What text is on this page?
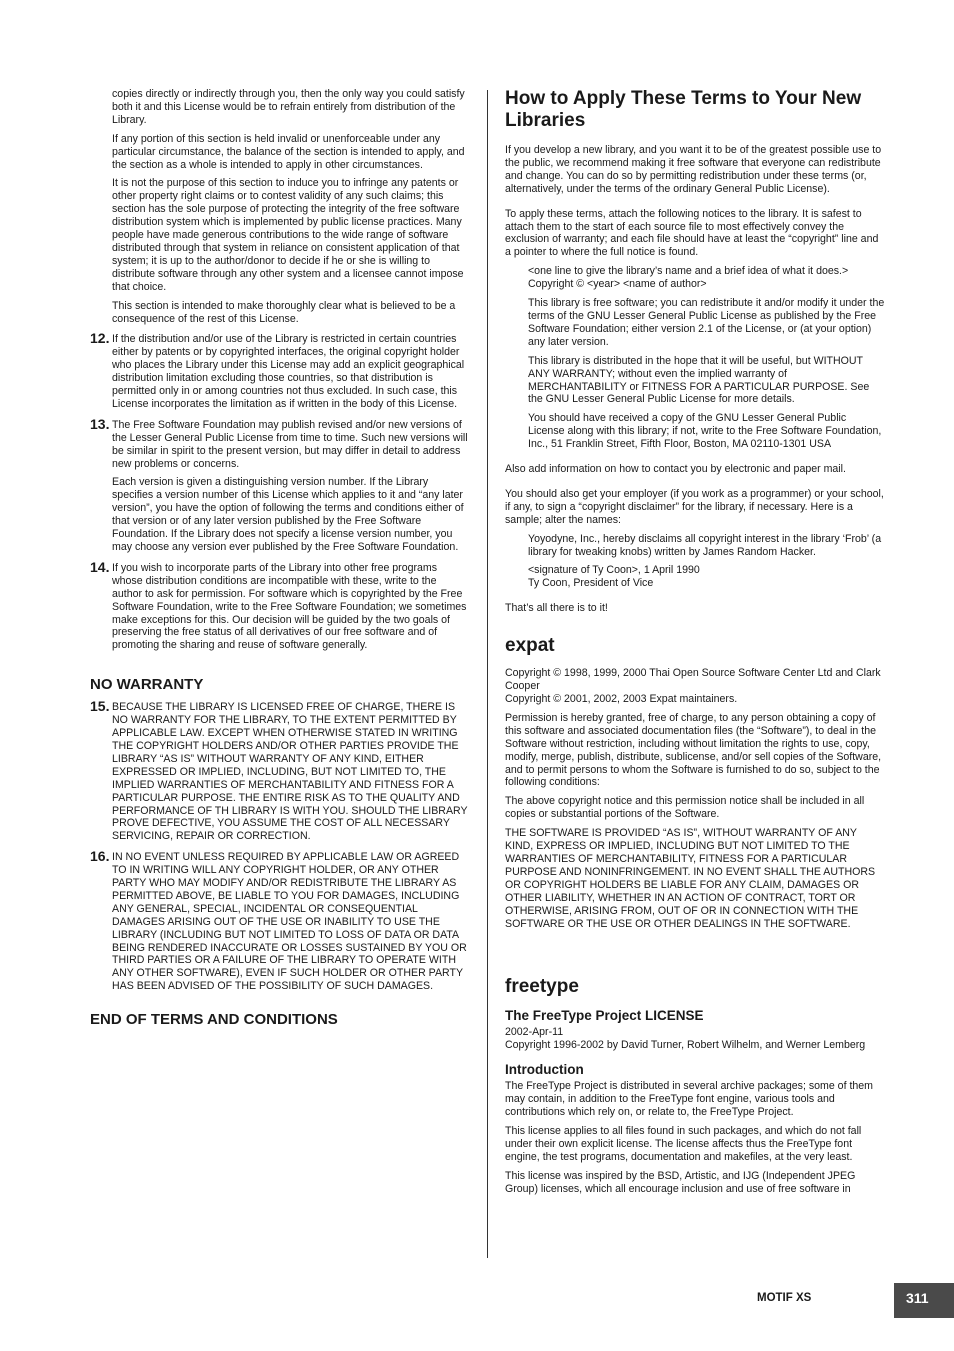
copies directly or indirectly through you, then the only way you could satisfy both it and this License would be to refrain entirely from distribution of the Library.

If any portion of this section is held invalid or unenforceable under any particular circumstance, the balance of the section is intended to apply, and the section as a whole is intended to apply in other circumstances.

It is not the purpose of this section to induce you to infringe any patents or other property right claims or to contest validity of any such claims; this section has the sole purpose of protecting the integrity of the free software distribution system which is implemented by public license practices. Many people have made generous contributions to the wide range of software distributed through that system in reliance on consistent application of that system; it is up to the author/donor to decide if he or she is willing to distribute software through any other system and a licensee cannot impose that choice.

This section is intended to make thoroughly clear what is believed to be a consequence of the rest of this License.

12. If the distribution and/or use of the Library is restricted in certain countries either by patents or by copyrighted interfaces, the original copyright holder who places the Library under this License may add an explicit geographical distribution limitation excluding those countries, so that distribution is permitted only in or among countries not thus excluded. In such case, this License incorporates the limitation as if written in the body of this License.

13. The Free Software Foundation may publish revised and/or new versions of the Lesser General Public License from time to time. Such new versions will be similar in spirit to the present version, but may differ in detail to address new problems or concerns.

Each version is given a distinguishing version number. If the Library specifies a version number of this License which applies to it and “any later version”, you have the option of following the terms and conditions either of that version or of any later version published by the Free Software Foundation. If the Library does not specify a license version number, you may choose any version ever published by the Free Software Foundation.

14. If you wish to incorporate parts of the Library into other free programs whose distribution conditions are incompatible with these, write to the author to ask for permission. For software which is copyrighted by the Free Software Foundation, write to the Free Software Foundation; we sometimes make exceptions for this. Our decision will be guided by the two goals of preserving the free status of all derivatives of our free software and of promoting the sharing and reuse of software generally.

NO WARRANTY
15. BECAUSE THE LIBRARY IS LICENSED FREE OF CHARGE, THERE IS NO WARRANTY FOR THE LIBRARY, TO THE EXTENT PERMITTED BY APPLICABLE LAW. EXCEPT WHEN OTHERWISE STATED IN WRITING THE COPYRIGHT HOLDERS AND/OR OTHER PARTIES PROVIDE THE LIBRARY “AS IS” WITHOUT WARRANTY OF ANY KIND, EITHER EXPRESSED OR IMPLIED, INCLUDING, BUT NOT LIMITED TO, THE IMPLIED WARRANTIES OF MERCHANTABILITY AND FITNESS FOR A PARTICULAR PURPOSE. THE ENTIRE RISK AS TO THE QUALITY AND PERFORMANCE OF TH LIBRARY IS WITH YOU. SHOULD THE LIBRARY PROVE DEFECTIVE, YOU ASSUME THE COST OF ALL NECESSARY SERVICING, REPAIR OR CORRECTION.

16. IN NO EVENT UNLESS REQUIRED BY APPLICABLE LAW OR AGREED TO IN WRITING WILL ANY COPYRIGHT HOLDER, OR ANY OTHER PARTY WHO MAY MODIFY AND/OR REDISTRIBUTE THE LIBRARY AS PERMITTED ABOVE, BE LIABLE TO YOU FOR DAMAGES, INCLUDING ANY GENERAL, SPECIAL, INCIDENTAL OR CONSEQUENTIAL DAMAGES ARISING OUT OF THE USE OR INABILITY TO USE THE LIBRARY (INCLUDING BUT NOT LIMITED TO LOSS OF DATA OR DATA BEING RENDERED INACCURATE OR LOSSES SUSTAINED BY YOU OR THIRD PARTIES OR A FAILURE OF THE LIBRARY TO OPERATE WITH ANY OTHER SOFTWARE), EVEN IF SUCH HOLDER OR OTHER PARTY HAS BEEN ADVISED OF THE POSSIBILITY OF SUCH DAMAGES.

END OF TERMS AND CONDITIONS
How to Apply These Terms to Your New Libraries

If you develop a new library, and you want it to be of the greatest possible use to the public, we recommend making it free software that everyone can redistribute and change. You can do so by permitting redistribution under these terms (or, alternatively, under the terms of the ordinary General Public License).

To apply these terms, attach the following notices to the library. It is safest to attach them to the start of each source file to most effectively convey the exclusion of warranty; and each file should have at least the “copyright” line and a pointer to where the full notice is found.

<one line to give the library’s name and a brief idea of what it does.>

Copyright © <year> <name of author>

This library is free software; you can redistribute it and/or modify it under the terms of the GNU Lesser General Public License as published by the Free Software Foundation; either version 2.1 of the License, or (at your option) any later version.

This library is distributed in the hope that it will be useful, but WITHOUT ANY WARRANTY; without even the implied warranty of MERCHANTABILITY or FITNESS FOR A PARTICULAR PURPOSE. See the GNU Lesser General Public License for more details.

You should have received a copy of the GNU Lesser General Public License along with this library; if not, write to the Free Software Foundation, Inc., 51 Franklin Street, Fifth Floor, Boston, MA 02110-1301 USA

Also add information on how to contact you by electronic and paper mail.

You should also get your employer (if you work as a programmer) or your school, if any, to sign a “copyright disclaimer” for the library, if necessary. Here is a sample; alter the names:

Yoyodyne, Inc., hereby disclaims all copyright interest in the library ‘Frob’ (a library for tweaking knobs) written by James Random Hacker.

<signature of Ty Coon>, 1 April 1990

Ty Coon, President of Vice

That’s all there is to it!

expat

Copyright © 1998, 1999, 2000 Thai Open Source Software Center Ltd and Clark Cooper

Copyright © 2001, 2002, 2003 Expat maintainers.

Permission is hereby granted, free of charge, to any person obtaining a copy of this software and associated documentation files (the “Software”), to deal in the Software without restriction, including without limitation the rights to use, copy, modify, merge, publish, distribute, sublicense, and/or sell copies of the Software, and to permit persons to whom the Software is furnished to do so, subject to the following conditions:

The above copyright notice and this permission notice shall be included in all copies or substantial portions of the Software.

THE SOFTWARE IS PROVIDED “AS IS”, WITHOUT WARRANTY OF ANY KIND, EXPRESS OR IMPLIED, INCLUDING BUT NOT LIMITED TO THE WARRANTIES OF MERCHANTABILITY, FITNESS FOR A PARTICULAR PURPOSE AND NONINFRINGEMENT. IN NO EVENT SHALL THE AUTHORS OR COPYRIGHT HOLDERS BE LIABLE FOR ANY CLAIM, DAMAGES OR OTHER LIABILITY, WHETHER IN AN ACTION OF CONTRACT, TORT OR OTHERWISE, ARISING FROM, OUT OF OR IN CONNECTION WITH THE SOFTWARE OR THE USE OR OTHER DEALINGS IN THE SOFTWARE.

freetype
The FreeType Project LICENSE

2002-Apr-11

Copyright 1996-2002 by David Turner, Robert Wilhelm, and Werner Lemberg

Introduction

The FreeType Project is distributed in several archive packages; some of them may contain, in addition to the FreeType font engine, various tools and contributions which rely on, or relate to, the FreeType Project.

This license applies to all files found in such packages, and which do not fall under their own explicit license. The license affects thus the FreeType font engine, the test programs, documentation and makefiles, at the very least.

This license was inspired by the BSD, Artistic, and IJG (Independent JPEG Group) licenses, which all encourage inclusion and use of free software in

MOTIF XS	311
